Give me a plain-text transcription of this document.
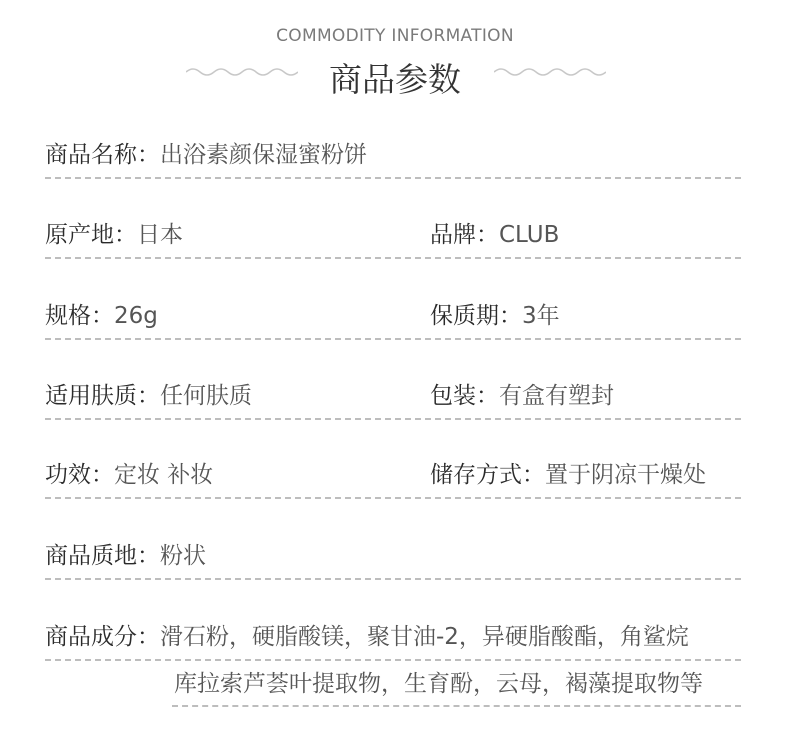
COMMODITY INFORMATION
商品参数
商品名称：出浴素颜保湿蜜粉饼
原产地：日本	品牌：CLUB
规格：26g	保质期：3年
适用肤质：任何肤质	包装：有盒有塑封
功效：定妆 补妆	储存方式：置于阴凉干燥处
商品质地：粉状
商品成分：滑石粉，硬脂酸镁，聚甘油-2，异硬脂酸酯，角鲨烷
库拉索芦荟叶提取物，生育酚，云母，褐藻提取物等
